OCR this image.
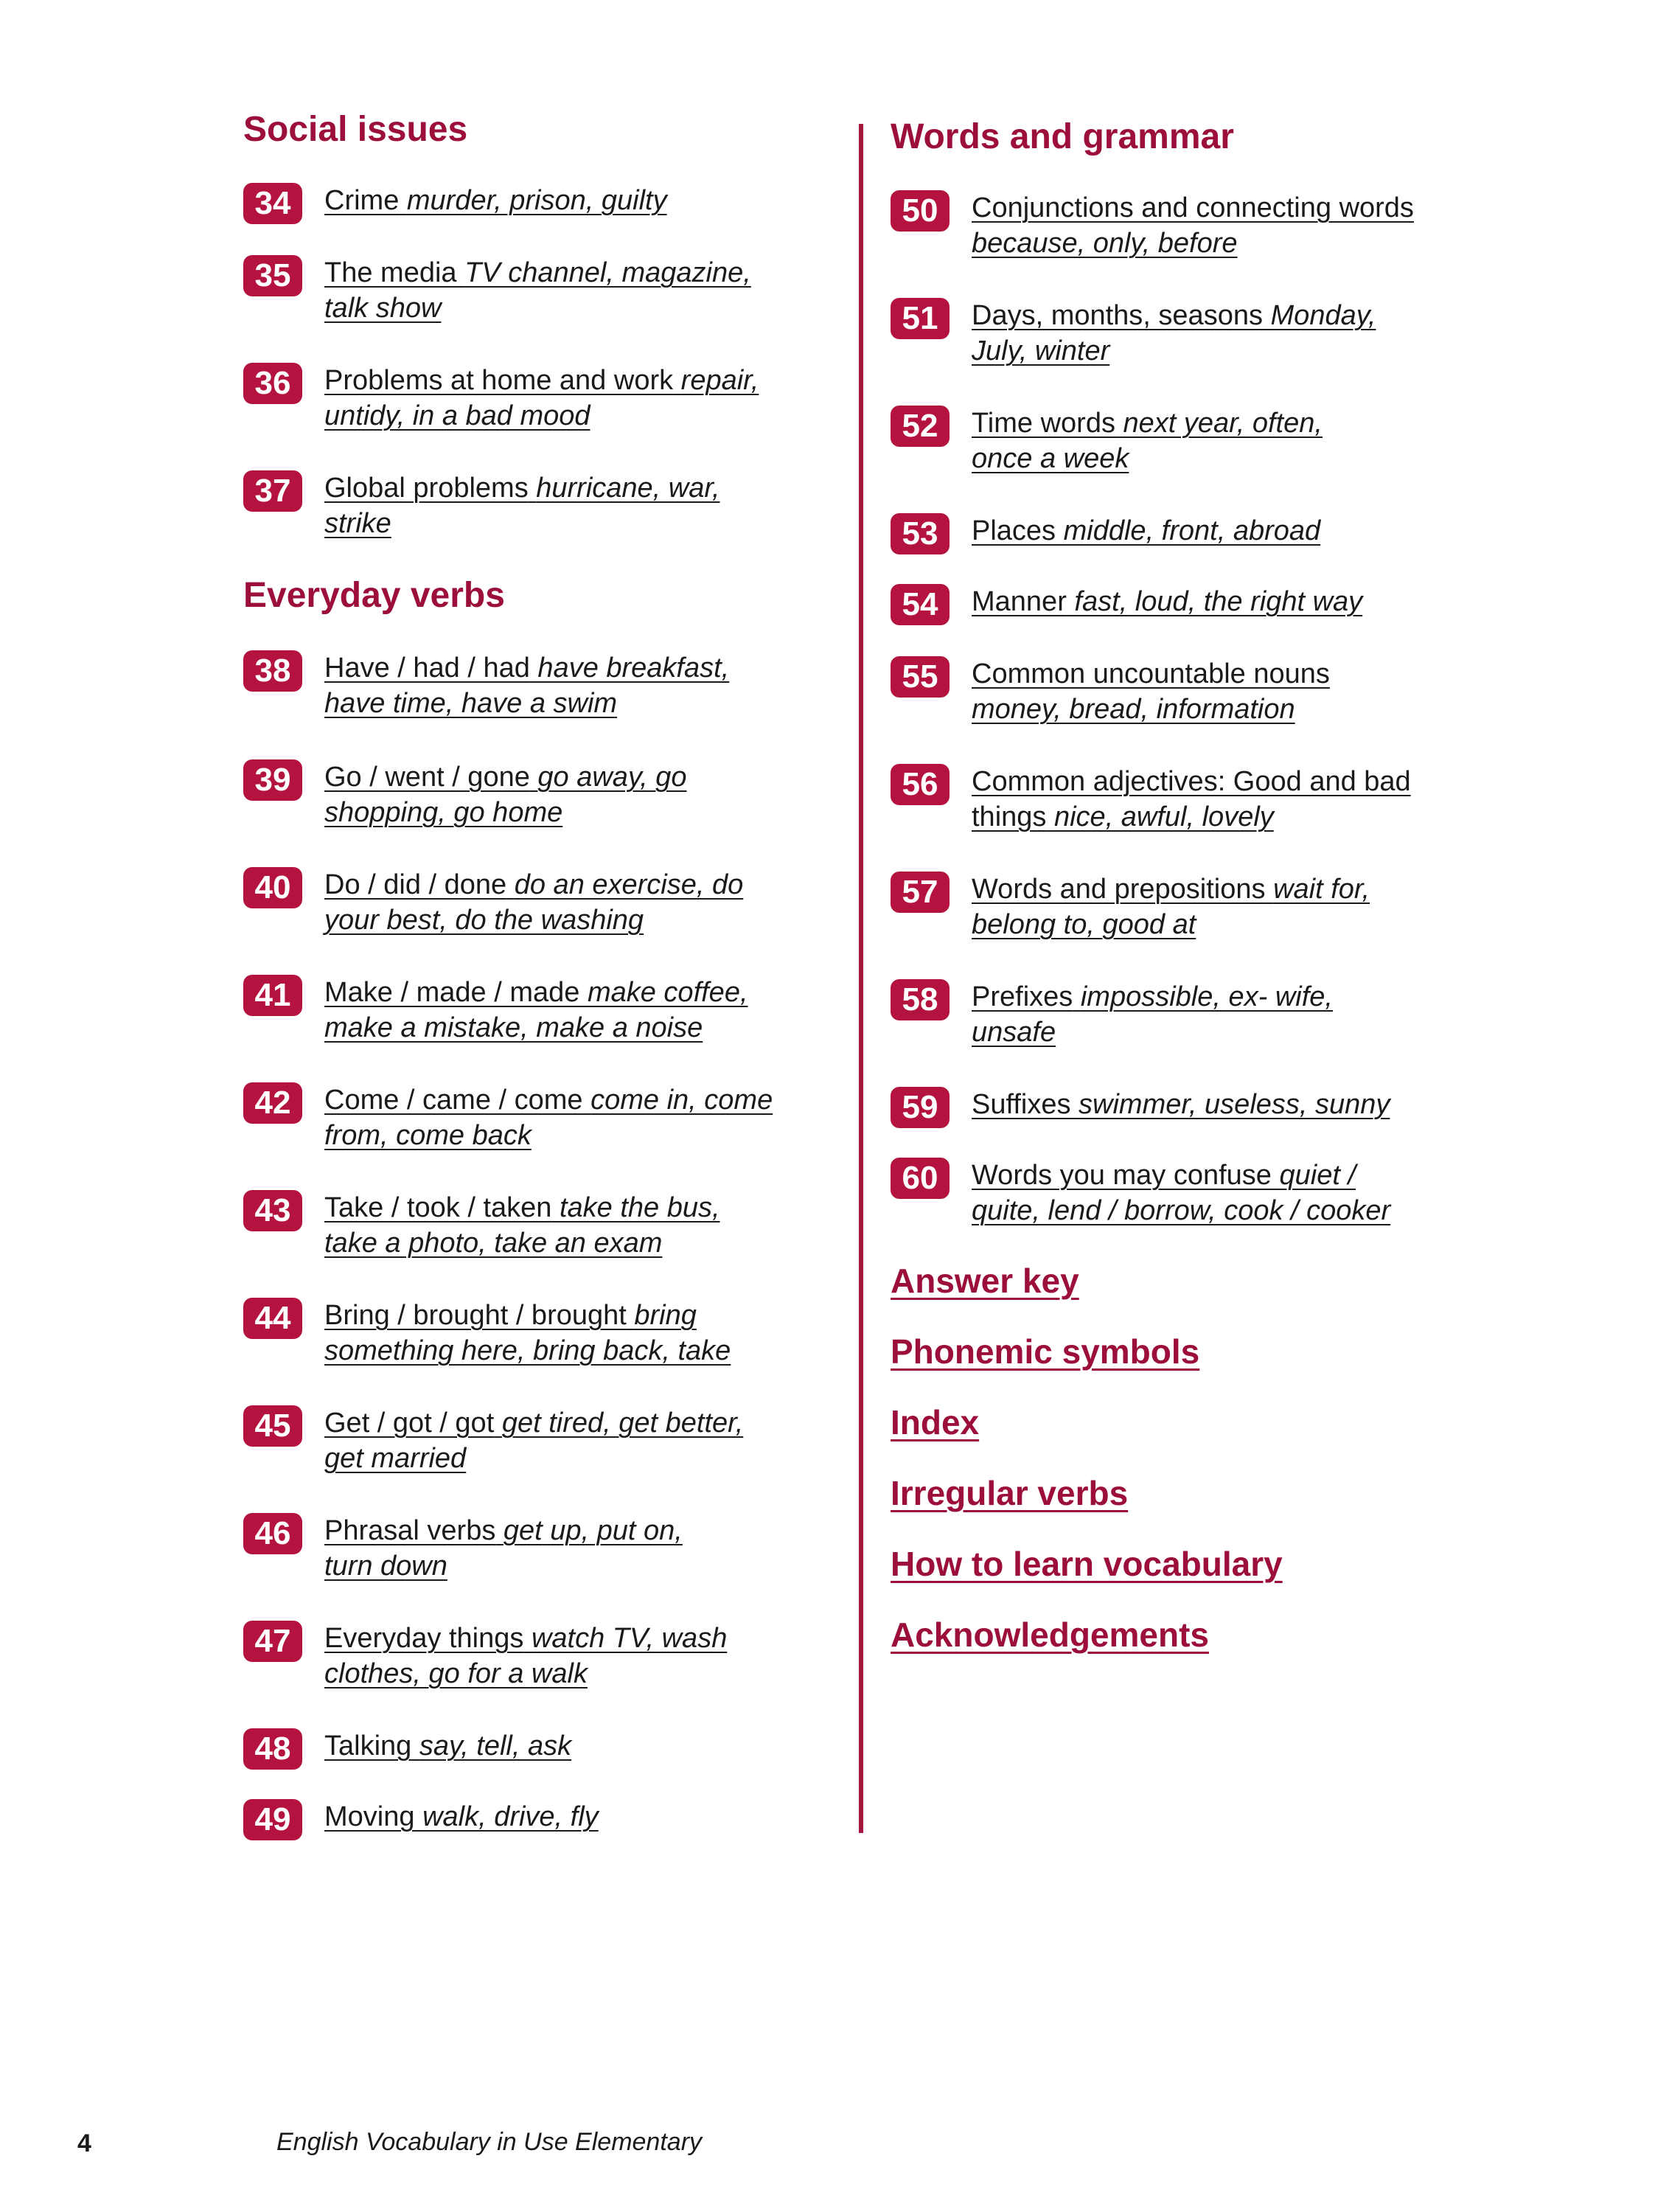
Social issues
34	Crime murder, prison, guilty
35	The media TV channel, magazine, talk show
36	Problems at home and work repair, untidy, in a bad mood
37	Global problems hurricane, war, strike
Everyday verbs
38	Have / had / had have breakfast, have time, have a swim
39	Go / went / gone go away, go shopping, go home
40	Do / did / done do an exercise, do your best, do the washing
41	Make / made / made make coffee, make a mistake, make a noise
42	Come / came / come come in, come from, come back
43	Take / took / taken take the bus, take a photo, take an exam
44	Bring / brought / brought bring something here, bring back, take
45	Get / got / got get tired, get better, get married
46	Phrasal verbs get up, put on, turn down
47	Everyday things watch TV, wash clothes, go for a walk
48	Talking say, tell, ask
49	Moving walk, drive, fly
Words and grammar
50	Conjunctions and connecting words because, only, before
51	Days, months, seasons Monday, July, winter
52	Time words next year, often, once a week
53	Places middle, front, abroad
54	Manner fast, loud, the right way
55	Common uncountable nouns money, bread, information
56	Common adjectives: Good and bad things nice, awful, lovely
57	Words and prepositions wait for, belong to, good at
58	Prefixes impossible, ex- wife, unsafe
59	Suffixes swimmer, useless, sunny
60	Words you may confuse quiet / quite, lend / borrow, cook / cooker
Answer key
Phonemic symbols
Index
Irregular verbs
How to learn vocabulary
Acknowledgements
4	English Vocabulary in Use Elementary
